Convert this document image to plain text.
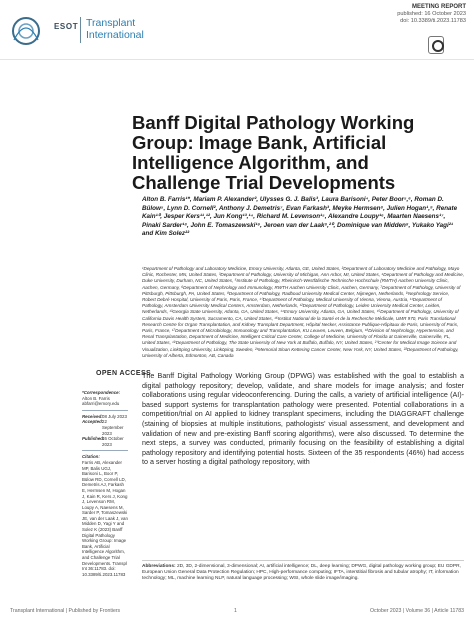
ESOT Transplant
International
MEETING REPORT
published: 16 October 2023
doi: 10.3389/ti.2023.11783
Banff Digital Pathology Working Group: Image Bank, Artificial Intelligence Algorithm, and Challenge Trial Developments
Alton B. Farris¹*, Mariam P. Alexander², Ulysses G. J. Balis³, Laura Barisoni⁴, Peter Boor⁵,⁶, Roman D. Bülow⁵, Lynn D. Cornell², Anthony J. Demetris⁷, Evan Farkash³, Meyke Hermsen⁸, Julien Hogan¹,⁹, Renate Kain¹⁰, Jesper Kers¹¹,¹², Jun Kong¹³,¹⁴, Richard M. Levenson¹⁵, Alexandre Loupy¹⁶, Maarten Naesens¹⁷, Pinaki Sarder¹⁸, John E. Tomaszewski¹⁹, Jeroen van der Laak⁸,²⁰, Dominique van Midden⁸, Yukako Yagi²¹ and Kim Solez²²
¹Department of Pathology and Laboratory Medicine, Emory University, Atlanta, GE, United States, ²Department of Laboratory Medicine and Pathology, Mayo Clinic, Rochester, MN, United States, ³Department of Pathology, University of Michigan, Ann Arbor, MI, United States, ⁴Department of Pathology and Medicine, Duke University, Durham, NC, United States, ⁵Institute of Pathology, Rheinisch-Westfälische Technische Hochschule (RWTH) Aachen University Clinic, Aachen, Germany, ⁶Department of Nephrology and Immunology, RWTH Aachen University Clinic, Aachen, Germany, ⁷Department of Pathology, University of Pittsburgh, Pittsburgh, PA, United States, ⁸Department of Pathology, Radboud University Medical Center, Nijmegen, Netherlands, ⁹Nephrology Service, Robert Debré Hospital, University of Paris, Paris, France, ¹⁰Department of Pathology, Medical University of Vienna, Vienna, Austria, ¹¹Department of Pathology, Amsterdam University Medical Centers, Amsterdam, Netherlands, ¹²Department of Pathology, Leiden University Medical Center, Leiden, Netherlands, ¹³Georgia State University, Atlanta, GA, United States, ¹⁴Emory University, Atlanta, GA, United States, ¹⁵Department of Pathology, University of California Davis Health System, Sacramento, CA, United States, ¹⁶Institut National de la Santé et de la Recherche Médicale, UMR 970, Paris Translational Research Centre for Organ Transplantation, and Kidney Transplant Department, Hôpital Necker, Assistance Publique-Hôpitaux de Paris, University of Paris, Paris, France, ¹⁷Department of Microbiology, Immunology and Transplantation, KU Leuven, Leuven, Belgium, ¹⁸Division of Nephrology, Hypertension, and Renal Transplantation, Department of Medicine, Intelligent Critical Care Center, College of Medicine, University of Florida at Gainesville, Gainesville, FL, United States, ¹⁹Department of Pathology, The State University of New York at Buffalo, Buffalo, NY, United States, ²⁰Center for Medical Image Science and Visualization, Linköping University, Linköping, Sweden, ²¹Memorial Sloan Kettering Cancer Center, New York, NY, United States, ²²Department of Pathology, University of Alberta, Edmonton, AB, Canada
OPEN ACCESS
*Correspondence:
Alton B. Farris
abfarri@emory.edu
Received: 08 July 2023
Accepted:
22 September 2023
Published:
16 October 2023
Citation:
Farris AB, Alexander MP, Balis UGJ, Barisoni L, Boor P, Bülow RD, Cornell LD, Demetris AJ, Farkash E, Hermsen M, Hogan J, Kain R, Kers J, Kong J, Levenson RM, Loupy A, Naesens M, Sarder P, Tomaszewski JE, van der Laak J, van Midden D, Yagi Y and Solez K (2023) Banff Digital Pathology Working Group: Image Bank, Artificial Intelligence Algorithm, and Challenge Trial Developments. Transpl Int 36:11783. doi: 10.3389/ti.2023.11783

The Banff Digital Pathology Working Group (DPWG) was established with the goal to establish a digital pathology repository; develop, validate, and share models for image analysis; and foster collaborations using regular videoconferencing. During the calls, a variety of artificial intelligence (AI)-based support systems for transplantation pathology were presented. Potential collaborations in a competition/trial on AI applied to kidney transplant specimens, including the DIAGGRAFT challenge (staining of biopsies at multiple institutions, pathologists' visual assessment, and development and validation of new and pre-existing Banff scoring algorithms), were also discussed. To determine the next steps, a survey was conducted, primarily focusing on the feasibility of establishing a digital pathology repository and identifying potential hosts. Sixteen of the 35 respondents (46%) had access to a server hosting a digital pathology repository, with

Abbreviations: 2D, 3D, 2-dimensional, 3-dimensional; AI, artificial intelligence; DL, deep learning; DPWG, digital pathology working group; EU GDPR, European Union General Data Protection Regulation; HPC, High-performance computing; IFTA, interstitial fibrosis and tubular atrophy; IT, information technology; ML, machine learning NLP, natural language processing; WSI, whole slide image/imaging.
Transplant International | Published by Frontiers	1	October 2023 | Volume 36 | Article 11783
